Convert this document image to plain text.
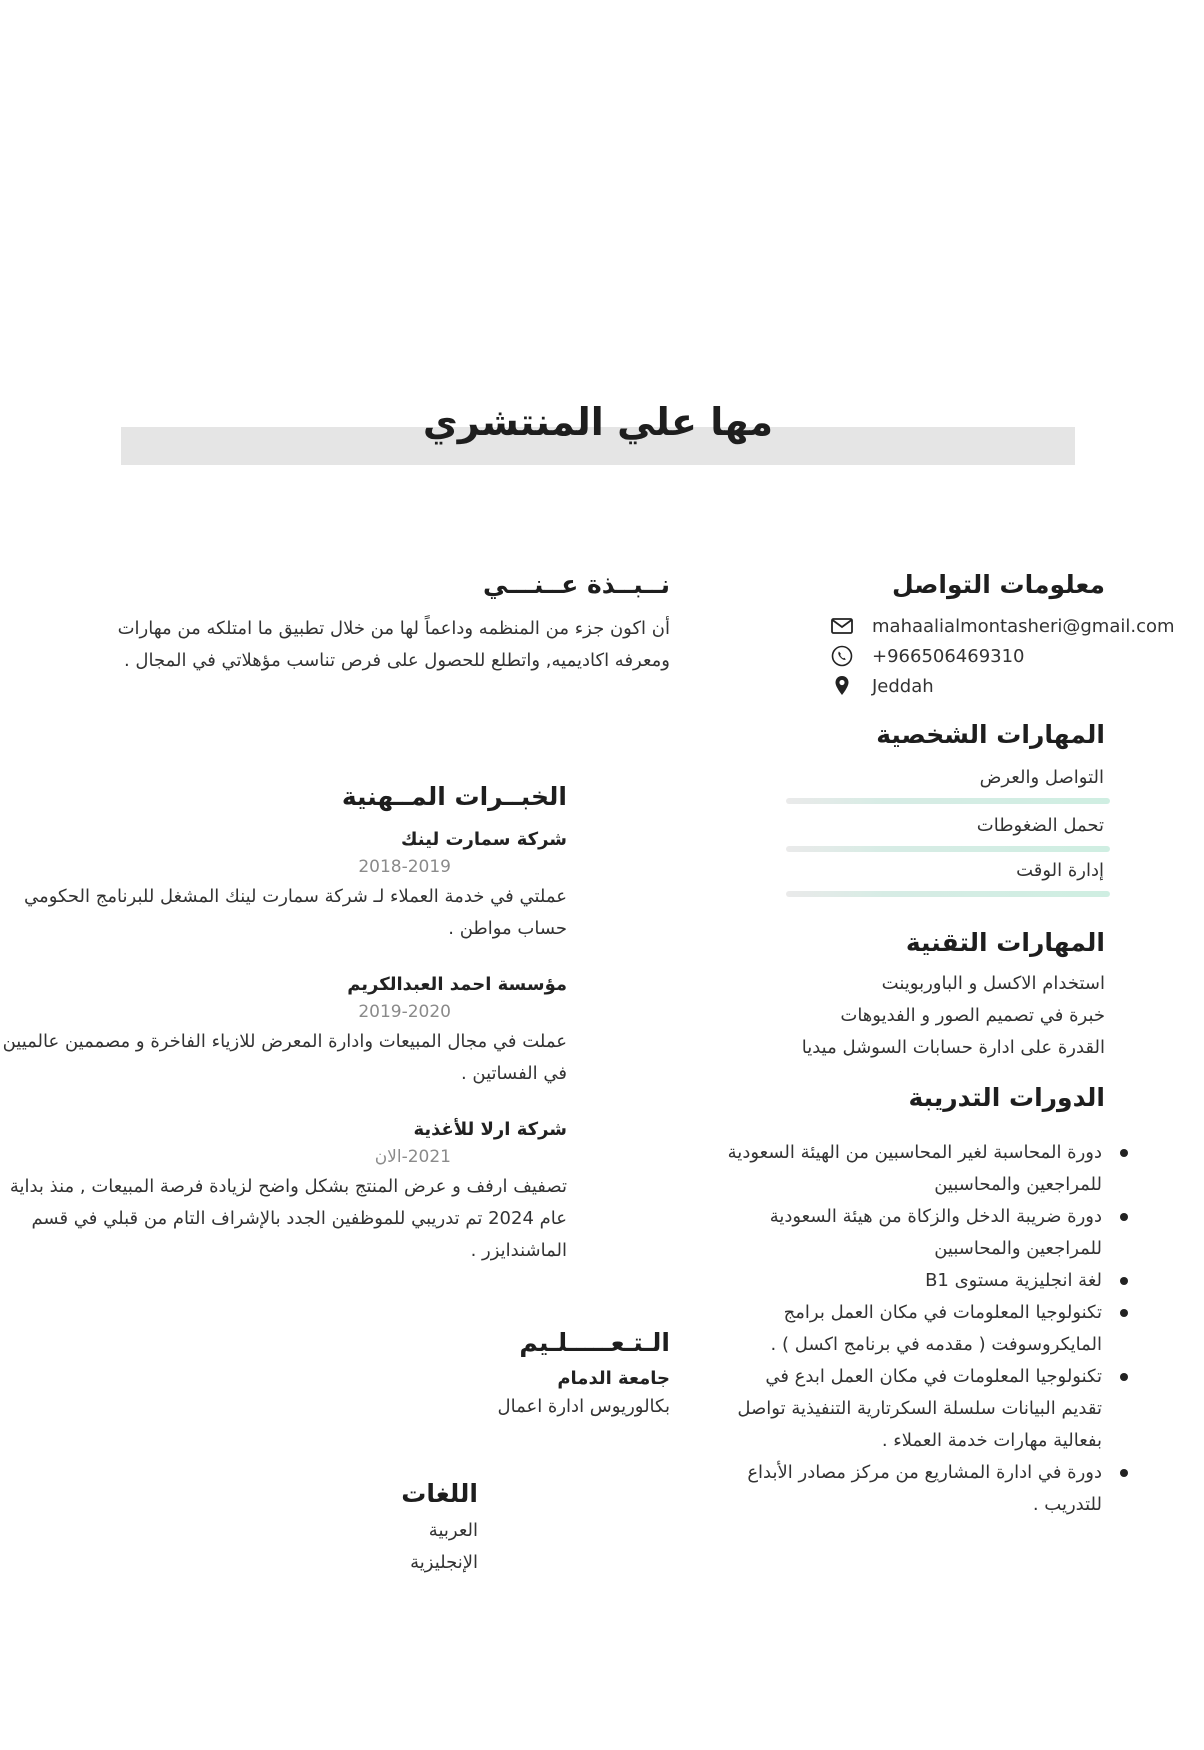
مها علي المنتشري
نــبــذة عــنـــي
أن اكون جزء من المنظمه وداعماً لها من خلال تطبيق ما امتلكه من مهارات ومعرفه اكاديميه, واتطلع للحصول على فرص تناسب مؤهلاتي في المجال .
معلومات التواصل
mahaalialmontasheri@gmail.com
+966506469310
Jeddah
المهارات الشخصية
التواصل والعرض
تحمل الضغوطات
إدارة الوقت
المهارات التقنية
استخدام الاكسل و الباوربوينت
خبرة في تصميم الصور و الفديوهات
القدرة على ادارة حسابات السوشل ميديا
الدورات التدريبة
دورة المحاسبة لغير المحاسبين من الهيئة السعودية للمراجعين والمحاسبين
دورة ضريبة الدخل والزكاة من هيئة السعودية للمراجعين والمحاسبين
لغة انجليزية مستوى B1
تكنولوجيا المعلومات في مكان العمل برامج المايكروسوفت ( مقدمه في برنامج اكسل ) .
تكنولوجيا المعلومات في مكان العمل ابدع في تقديم البيانات سلسلة السكرتارية التنفيذية تواصل بفعالية مهارات خدمة العملاء .
دورة في ادارة المشاريع من مركز مصادر الأبداع للتدريب .
الخبــرات المــهنية
شركة سمارت لينك
2018-2019
عملتي في خدمة العملاء لـ شركة سمارت لينك المشغل للبرنامج الحكومي حساب مواطن .
مؤسسة احمد العبدالكريم
2019-2020
عملت في مجال المبيعات وادارة المعرض للازياء الفاخرة و مصممين عالميين في الفساتين .
شركة ارلا للأغذية
2021-الان
تصفيف ارفف و عرض المنتج بشكل واضح لزيادة فرصة المبيعات , منذ بداية عام 2024 تم تدريبي للموظفين الجدد بالإشراف التام من قبلي في قسم الماشندايزر .
الـتـعـــــلـيم
جامعة الدمام
بكالوريوس ادارة اعمال
اللغات
العربية
الإنجليزية
